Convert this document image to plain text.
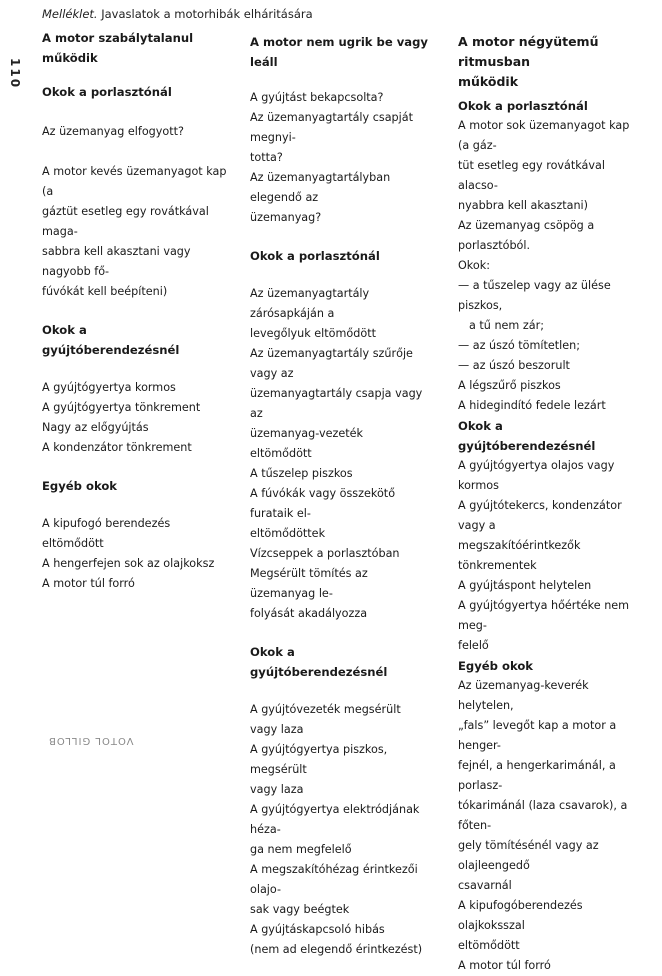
Melléklet. Javaslatok a motorhibák elháritására
110
VOTOL GILLOB

A motor szabálytalanul működik

Okok a porlasztónál

Az üzemanyag elfogyott?

A motor kevés üzemanyagot kap (a

gáztüt esetleg egy rovátkával maga-

sabbra kell akasztani vagy nagyobb fő-

fúvókát kell beépíteni)

Okok a gyújtóberendezésnél

A gyújtógyertya kormos

A gyújtógyertya tönkrement

Nagy az előgyújtás

A kondenzátor tönkrement

Egyéb okok

A kipufogó berendezés eltömődött

A hengerfejen sok az olajkoksz

A motor túl forró

A motor nem ugrik be vagy leáll

A gyújtást bekapcsolta?

Az üzemanyagtartály csapját megnyi-

totta?

Az üzemanyagtartályban elegendő az

üzemanyag?

Okok a porlasztónál

Az üzemanyagtartály zárósapkáján a

levegőlyuk eltömődött

Az üzemanyagtartály szűrője vagy az

üzemanyagtartály csapja vagy az

üzemanyag-vezeték eltömődött

A tűszelep piszkos

A fúvókák vagy összekötő furataik el-

eltömődöttek

Vízcseppek a porlasztóban

Megsérült tömítés az üzemanyag le-

folyását akadályozza

Okok a gyújtóberendezésnél

A gyújtóvezeték megsérült vagy laza

A gyújtógyertya piszkos, megsérült

vagy laza

A gyújtógyertya elektródjának héza-

ga nem megfelelő

A megszakítóhézag érintkezői olajo-

sak vagy beégtek

A gyújtáskapcsoló hibás

(nem ad elegendő érintkezést)

A motor négyütemű ritmusban

működik

Okok a porlasztónál

A motor sok üzemanyagot kap (a gáz-

tüt esetleg egy rovátkával alacso-

nyabbra kell akasztani)

Az üzemanyag csöpög a porlasztóból.

Okok:

— a tűszelep vagy az ülése piszkos,

a tű nem zár;

— az úszó tömítetlen;

— az úszó beszorult

A légszűrő piszkos

A hidegindító fedele lezárt

Okok a gyújtóberendezésnél

A gyújtógyertya olajos vagy kormos

A gyújtótekercs, kondenzátor vagy a

megszakítóérintkezők tönkrementek

A gyújtáspont helytelen

A gyújtógyertya hőértéke nem meg-

felelő

Egyéb okok

Az üzemanyag-keverék helytelen,

„fals” levegőt kap a motor a henger-

fejnél, a hengerkarimánál, a porlasz-

tókarimánál (laza csavarok), a főten-

gely tömítésénél vagy az olajleengedő

csavarnál

A kipufogóberendezés olajkoksszal

eltömődött

A motor túl forró
